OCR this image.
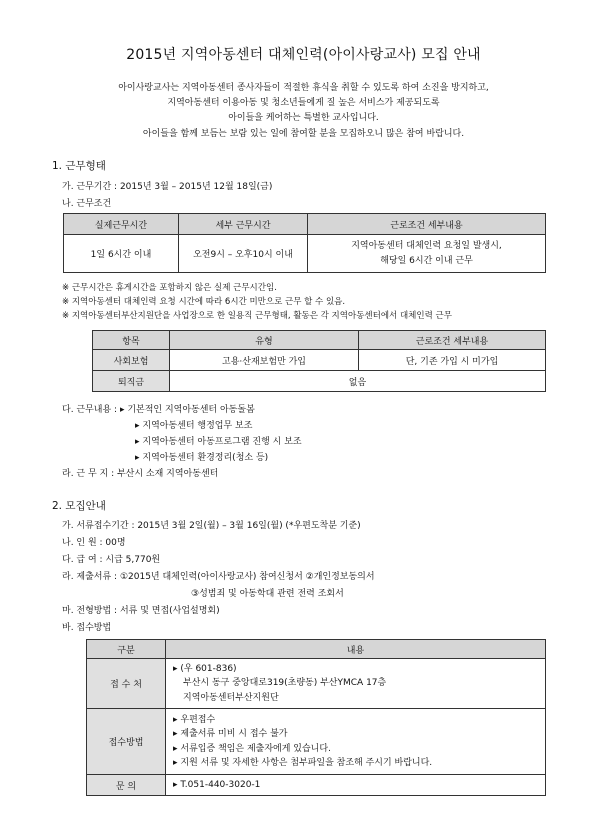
2015년 지역아동센터 대체인력(아이사랑교사) 모집 안내
아이사랑교사는 지역아동센터 종사자들이 적절한 휴식을 취할 수 있도록 하여 소진을 방지하고,
지역아동센터 이용아동 및 청소년들에게 질 높은 서비스가 제공되도록
아이들을 케어하는 특별한 교사입니다.
아이들을 함께 보듬는 보람 있는 일에 참여할 분을 모집하오니 많은 참여 바랍니다.
1. 근무형태
가. 근무기간 : 2015년 3월 – 2015년 12월 18일(금)
나. 근무조건
실제근무시간	세부 근무시간	근로조건 세부내용
1일 6시간 이내	오전9시 – 오후10시 이내	지역아동센터 대체인력 요청일 발생시,
해당일 6시간 이내 근무
※ 근무시간은 휴게시간을 포함하지 않은 실제 근무시간임.
※ 지역아동센터 대체인력 요청 시간에 따라 6시간 미만으로 근무 할 수 있음.
※ 지역아동센터부산지원단을 사업장으로 한 일용직 근무형태, 활동은 각 지역아동센터에서 대체인력 근무
항목	유형	근로조건 세부내용
사회보험	고용·산재보험만 가입	단, 기존 가입 시 미가입
퇴직금	없음	
다. 근무내용 : ▸ 기본적인 지역아동센터 아동돌봄
▸ 지역아동센터 행정업무 보조
▸ 지역아동센터 아동프로그램 진행 시 보조
▸ 지역아동센터 환경정리(청소 등)
라. 근 무 지 : 부산시 소재 지역아동센터
2. 모집안내
가. 서류접수기간 : 2015년 3월 2일(월) – 3월 16일(월) (*우편도착분 기준)
나. 인 원 : 00명
다. 급 여 : 시급 5,770원
라. 제출서류 : ①2015년 대체인력(아이사랑교사) 참여신청서 ②개인정보동의서
③성범죄 및 아동학대 관련 전력 조회서
마. 전형방법 : 서류 및 면접(사업설명회)
바. 접수방법
구분	내용
접 수 처	▸ (우 601-836)
부산시 동구 중앙대로319(초량동) 부산YMCA 17층
지역아동센터부산지원단

접수방법	▸ 우편접수
▸ 제출서류 미비 시 접수 불가
▸ 서류입증 책임은 제출자에게 있습니다.
▸ 지원 서류 및 자세한 사항은 첨부파일을 참조해 주시기 바랍니다.

문 의	▸ T.051-440-3020-1
